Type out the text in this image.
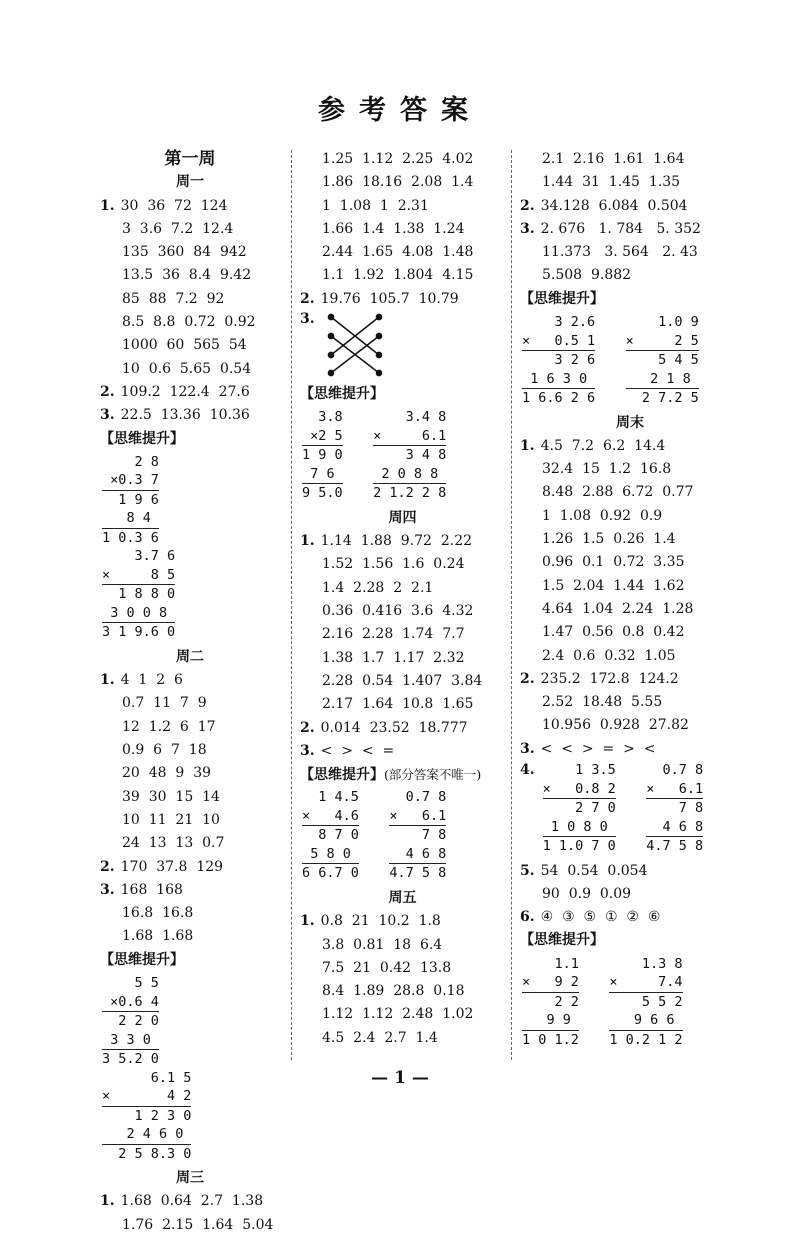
参考答案
第一周
周一
1. 30  36  72  124
3  3.6  7.2  12.4
135  360  84  942
13.5  36  8.4  9.42
85  88  7.2  92
8.5  8.8  0.72  0.92
1000  60  565  54
10  0.6  5.65  0.54
2. 109.2  122.4  27.6
3. 22.5  13.36  10.36
【思维提升】
2 8
×0.3 7
1 9 6
8 4
1 0.3 6

3.7 6
×     8 5
1 8 8 0
3 0 0 8
3 1 9.6 0
周二
1. 4  1  2  6
0.7  11  7  9
12  1.2  6  17
0.9  6  7  18
20  48  9  39
39  30  15  14
10  11  21  10
24  13  13  0.7
2. 170  37.8  129
3. 168  168
16.8  16.8
1.68  1.68
【思维提升】
5 5
×0.6 4
2 2 0
3 3 0
3 5.2 0

6.1 5
×       4 2
1 2 3 0
2 4 6 0
2 5 8.3 0
周三
1. 1.68  0.64  2.7  1.38
1.76  2.15  1.64  5.04
1.25  1.12  2.25  4.02
1.86  18.16  2.08  1.4
1  1.08  1  2.31
1.66  1.4  1.38  1.24
2.44  1.65  4.08  1.48
1.1  1.92  1.804  4.15
2. 19.76  105.7  10.79
3.
【思维提升】
3.8
×2 5
1 9 0
7 6
9 5.0

3.4 8
×     6.1
3 4 8
2 0 8 8
2 1.2 2 8
周四
1. 1.14  1.88  9.72  2.22
1.52  1.56  1.6  0.24
1.4  2.28  2  2.1
0.36  0.416  3.6  4.32
2.16  2.28  1.74  7.7
1.38  1.7  1.17  2.32
2.28  0.54  1.407  3.84
2.17  1.64  10.8  1.65
2. 0.014  23.52  18.777
3. <  >  <  =
【思维提升】(部分答案不唯一)
1 4.5
×   4.6
8 7 0
5 8 0
6 6.7 0

0.7 8
×   6.1
7 8
4 6 8
4.7 5 8
周五
1. 0.8  21  10.2  1.8
3.8  0.81  18  6.4
7.5  21  0.42  13.8
8.4  1.89  28.8  0.18
1.12  1.12  2.48  1.02
4.5  2.4  2.7  1.4
2.1  2.16  1.61  1.64
1.44  31  1.45  1.35
2. 34.128  6.084  0.504
3. 2. 676   1. 784   5. 352
11.373   3. 564   2. 43
5.508  9.882
【思维提升】
3 2.6
×   0.5 1
3 2 6
1 6 3 0
1 6.6 2 6

1.0 9
×     2 5
5 4 5
2 1 8
2 7.2 5
周末
1. 4.5  7.2  6.2  14.4
32.4  15  1.2  16.8
8.48  2.88  6.72  0.77
1  1.08  0.92  0.9
1.26  1.5  0.26  1.4
0.96  0.1  0.72  3.35
1.5  2.04  1.44  1.62
4.64  1.04  2.24  1.28
1.47  0.56  0.8  0.42
2.4  0.6  0.32  1.05
2. 235.2  172.8  124.2
2.52  18.48  5.55
10.956  0.928  27.82
3. <  <  >  =  >  <
4.	1 3.5
×   0.8 2
2 7 0
1 0 8 0
1 1.0 7 0

0.7 8
×   6.1
7 8
4 6 8
4.7 5 8
5. 54  0.54  0.054
90  0.9  0.09
6. ④  ③  ⑤  ①  ②  ⑥
【思维提升】
1.1
×   9 2
2 2
9 9
1 0 1.2

1.3 8
×     7.4
5 5 2
9 6 6
1 0.2 1 2
— 1 —
